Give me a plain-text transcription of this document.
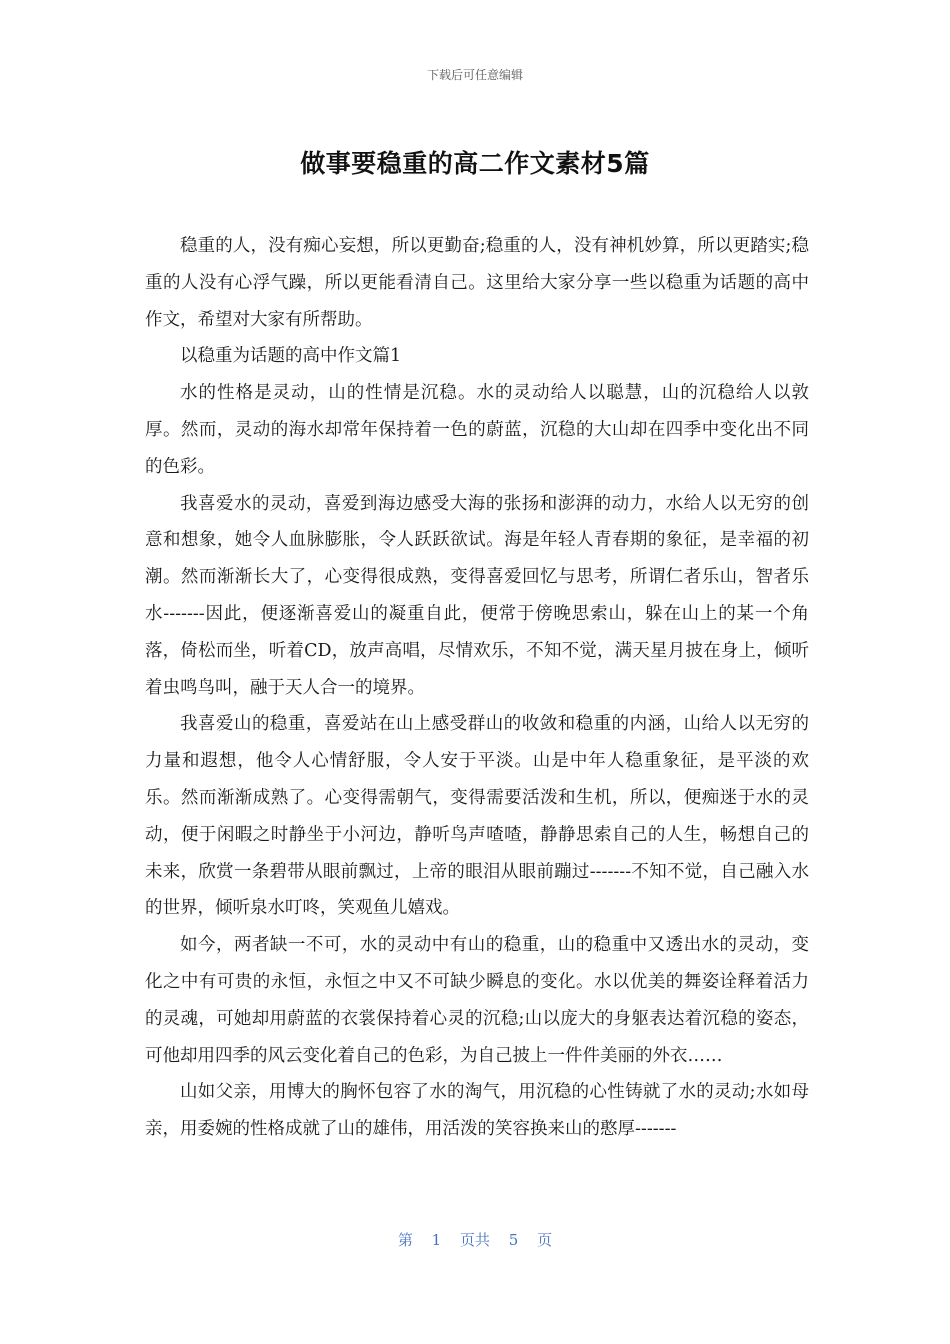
下载后可任意编辑
做事要稳重的高二作文素材5篇

稳重的人，没有痴心妄想，所以更勤奋;稳重的人，没有神机妙算，所以更踏实;稳重的人没有心浮气躁，所以更能看清自己。这里给大家分享一些以稳重为话题的高中作文，希望对大家有所帮助。

以稳重为话题的高中作文篇1

水的性格是灵动，山的性情是沉稳。水的灵动给人以聪慧，山的沉稳给人以敦厚。然而，灵动的海水却常年保持着一色的蔚蓝，沉稳的大山却在四季中变化出不同的色彩。

我喜爱水的灵动，喜爱到海边感受大海的张扬和澎湃的动力，水给人以无穷的创意和想象，她令人血脉膨胀，令人跃跃欲试。海是年轻人青春期的象征，是幸福的初潮。然而渐渐长大了，心变得很成熟，变得喜爱回忆与思考，所谓仁者乐山，智者乐水-------因此，便逐渐喜爱山的凝重自此，便常于傍晚思索山，躲在山上的某一个角落，倚松而坐，听着CD，放声高唱，尽情欢乐，不知不觉，满天星月披在身上，倾听着虫鸣鸟叫，融于天人合一的境界。

我喜爱山的稳重，喜爱站在山上感受群山的收敛和稳重的内涵，山给人以无穷的力量和遐想，他令人心情舒服，令人安于平淡。山是中年人稳重象征，是平淡的欢乐。然而渐渐成熟了。心变得需朝气，变得需要活泼和生机，所以，便痴迷于水的灵动，便于闲暇之时静坐于小河边，静听鸟声喳喳，静静思索自己的人生，畅想自己的未来，欣赏一条碧带从眼前飘过，上帝的眼泪从眼前蹦过-------不知不觉，自己融入水的世界，倾听泉水叮咚，笑观鱼儿嬉戏。

如今，两者缺一不可，水的灵动中有山的稳重，山的稳重中又透出水的灵动，变化之中有可贵的永恒，永恒之中又不可缺少瞬息的变化。水以优美的舞姿诠释着活力的灵魂，可她却用蔚蓝的衣裳保持着心灵的沉稳;山以庞大的身躯表达着沉稳的姿态，可他却用四季的风云变化着自己的色彩，为自己披上一件件美丽的外衣……

山如父亲，用博大的胸怀包容了水的淘气，用沉稳的心性铸就了水的灵动;水如母亲，用委婉的性格成就了山的雄伟，用活泼的笑容换来山的憨厚-------

第 1 页共 5 页
